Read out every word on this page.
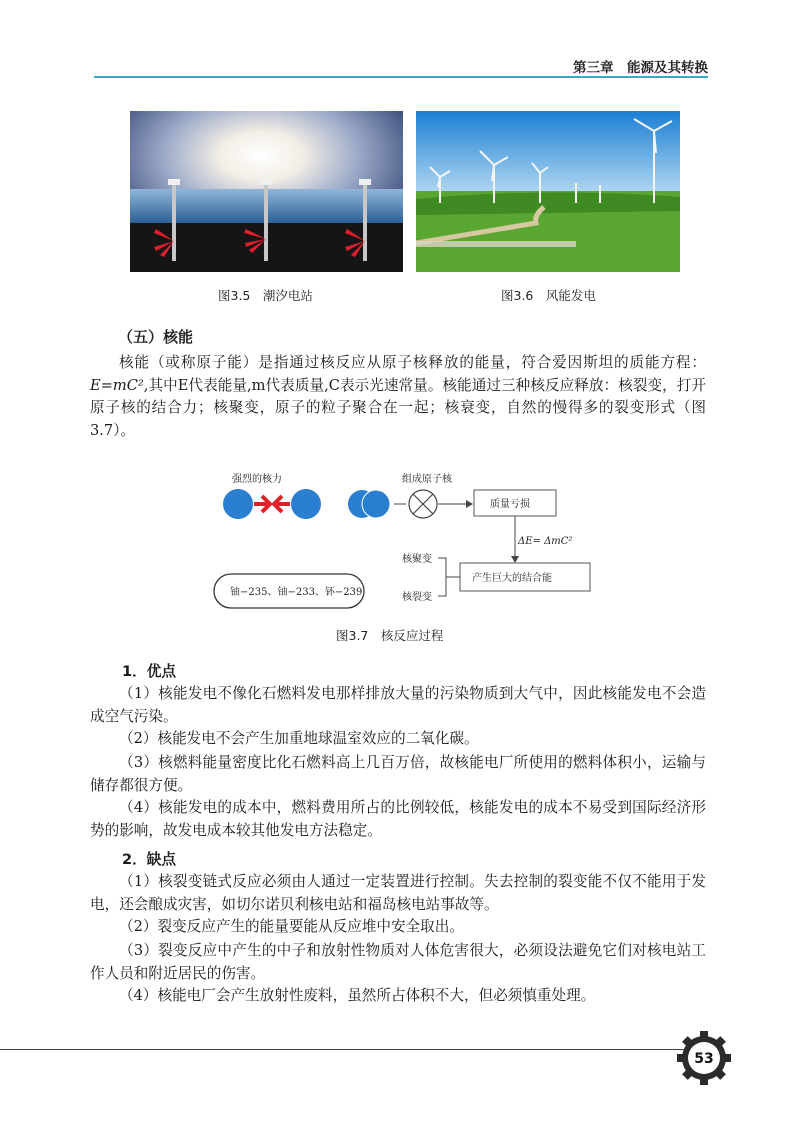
第三章　能源及其转换
图3.5　潮汐电站	图3.6　风能发电
（五）核能

核能（或称原子能）是指通过核反应从原子核释放的能量，符合爱因斯坦的质能方程：E=mC²,其中E代表能量,m代表质量,C表示光速常量。核能通过三种核反应释放：核裂变，打开原子核的结合力；核聚变，原子的粒子聚合在一起；核衰变，自然的慢得多的裂变形式（图 3.7）。

强烈的核力	组成原子核
质量亏损
ΔE= ΔmC²
产生巨大的结合能
核聚变
核裂变
铀−235、铀−233、钚−239
图3.7　核反应过程
1．优点

（1）核能发电不像化石燃料发电那样排放大量的污染物质到大气中，因此核能发电不会造成空气污染。

（2）核能发电不会产生加重地球温室效应的二氧化碳。

（3）核燃料能量密度比化石燃料高上几百万倍，故核能电厂所使用的燃料体积小，运输与储存都很方便。

（4）核能发电的成本中，燃料费用所占的比例较低，核能发电的成本不易受到国际经济形势的影响，故发电成本较其他发电方法稳定。

2．缺点

（1）核裂变链式反应必须由人通过一定装置进行控制。失去控制的裂变能不仅不能用于发电，还会酿成灾害，如切尔诺贝利核电站和福岛核电站事故等。

（2）裂变反应产生的能量要能从反应堆中安全取出。

（3）裂变反应中产生的中子和放射性物质对人体危害很大，必须设法避免它们对核电站工作人员和附近居民的伤害。

（4）核能电厂会产生放射性废料，虽然所占体积不大，但必须慎重处理。

53
